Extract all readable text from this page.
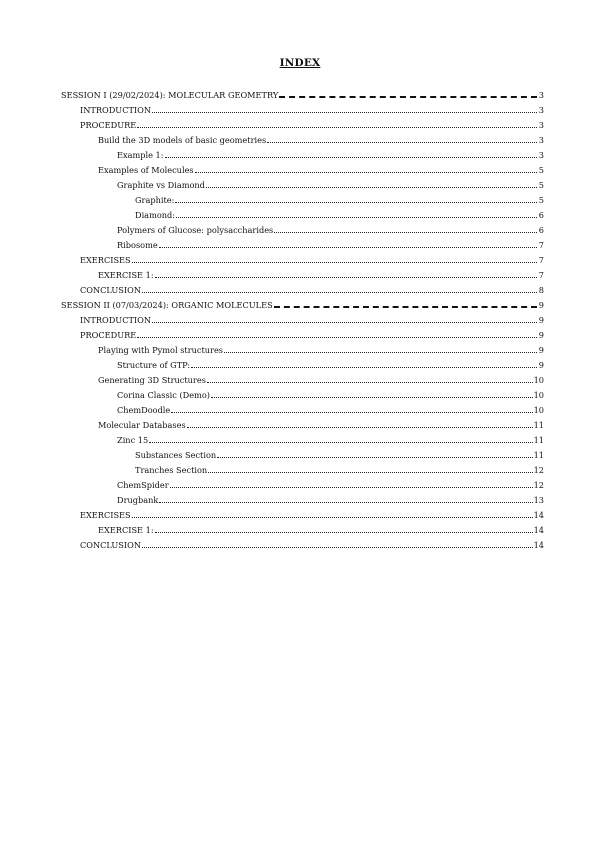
INDEX
SESSION I (29/02/2024): MOLECULAR GEOMETRY	3
INTRODUCTION	3
PROCEDURE	3
Build the 3D models of basic geometries	3
Example 1:	3
Examples of Molecules	5
Graphite vs Diamond	5
Graphite:	5
Diamond:	6
Polymers of Glucose: polysaccharides	6
Ribosome	7
EXERCISES	7
EXERCISE 1:	7
CONCLUSION	8
SESSION II (07/03/2024): ORGANIC MOLECULES	9
INTRODUCTION	9
PROCEDURE	9
Playing with Pymol structures	9
Structure of GTP:	9
Generating 3D Structures	10
Corina Classic (Demo)	10
ChemDoodle	10
Molecular Databases	11
Zinc 15	11
Substances Section	11
Tranches Section	12
ChemSpider	12
Drugbank	13
EXERCISES	14
EXERCISE 1:	14
CONCLUSION	14
